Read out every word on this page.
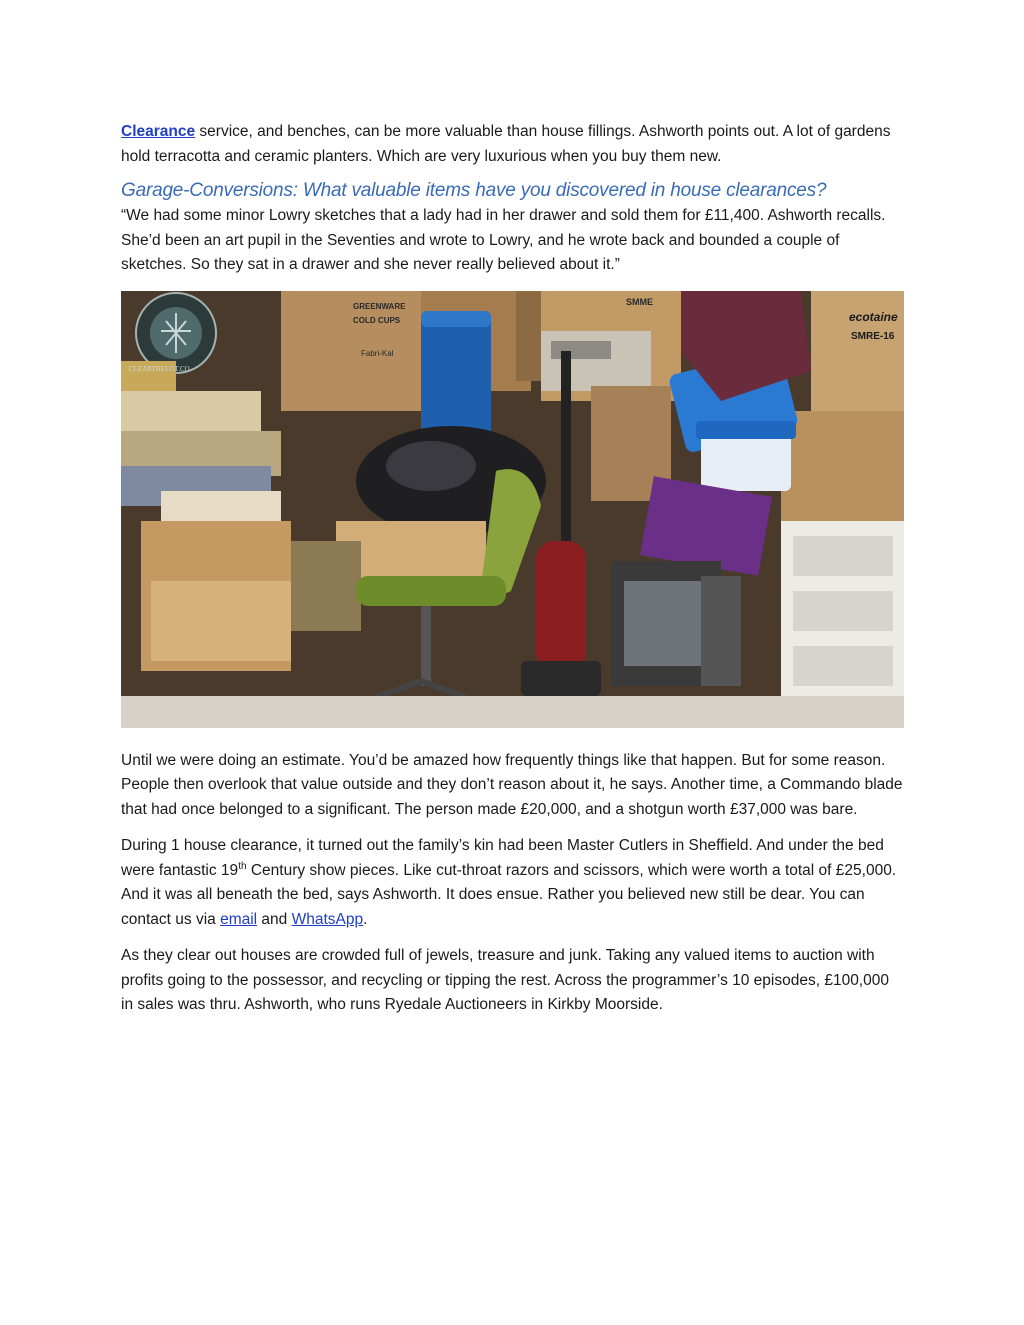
Clearance service, and benches, can be more valuable than house fillings. Ashworth points out. A lot of gardens hold terracotta and ceramic planters. Which are very luxurious when you buy them new.

Garage-Conversions: What valuable items have you discovered in house clearances?

“We had some minor Lowry sketches that a lady had in her drawer and sold them for £11,400. Ashworth recalls. She’d been an art pupil in the Seventies and wrote to Lowry, and he wrote back and bounded a couple of sketches. So they sat in a drawer and she never really believed about it.”

SMME
ecotaine
SMRE-16
GREENWARE
COLD CUPS
Fabri-Kal
CLEARTHELOT.CO

Until we were doing an estimate. You’d be amazed how frequently things like that happen. But for some reason. People then overlook that value outside and they don’t reason about it, he says. Another time, a Commando blade that had once belonged to a significant. The person made £20,000, and a shotgun worth £37,000 was bare.

During 1 house clearance, it turned out the family’s kin had been Master Cutlers in Sheffield. And under the bed were fantastic 19th Century show pieces. Like cut-throat razors and scissors, which were worth a total of £25,000. And it was all beneath the bed, says Ashworth. It does ensue. Rather you believed new still be dear. You can contact us via email and WhatsApp.

As they clear out houses are crowded full of jewels, treasure and junk. Taking any valued items to auction with profits going to the possessor, and recycling or tipping the rest. Across the programmer’s 10 episodes, £100,000 in sales was thru. Ashworth, who runs Ryedale Auctioneers in Kirkby Moorside.
